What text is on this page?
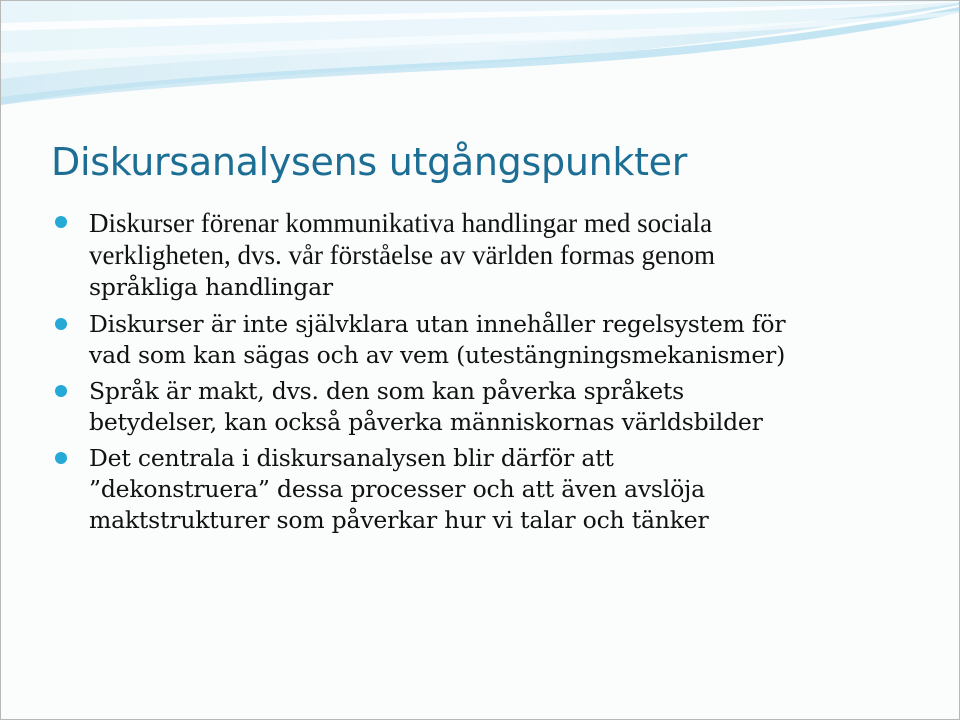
Diskursanalysens utgångspunkter
Diskurser förenar kommunikativa handlingar med sociala
verkligheten, dvs. vår förståelse av världen formas genom
språkliga handlingar
Diskurser är inte självklara utan innehåller regelsystem för
vad som kan sägas och av vem (utestängningsmekanismer)
Språk är makt, dvs. den som kan påverka språkets
betydelser, kan också påverka människornas världsbilder
Det centrala i diskursanalysen blir därför att
”dekonstruera” dessa processer och att även avslöja
maktstrukturer som påverkar hur vi talar och tänker
